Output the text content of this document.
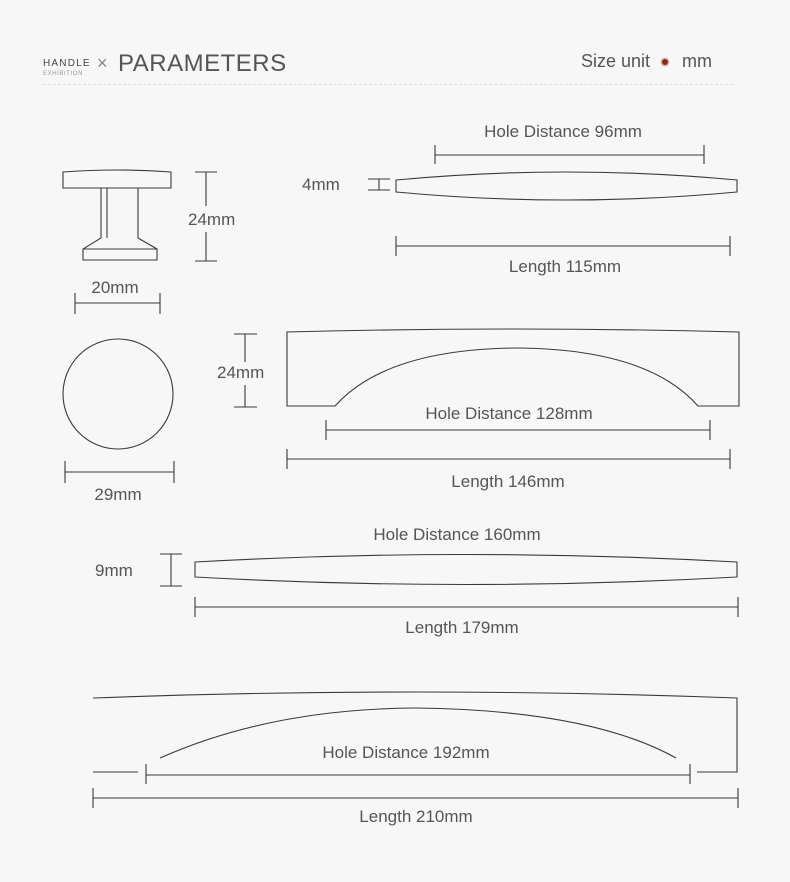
HANDLE
EXHIBITION
× PARAMETERS	Size unit mm
24mm
20mm
29mm
4mm
Hole Distance 96mm
Length 115mm
24mm
Hole Distance 128mm
Length 146mm
9mm
Hole Distance 160mm
Length 179mm
Hole Distance 192mm
Length 210mm
